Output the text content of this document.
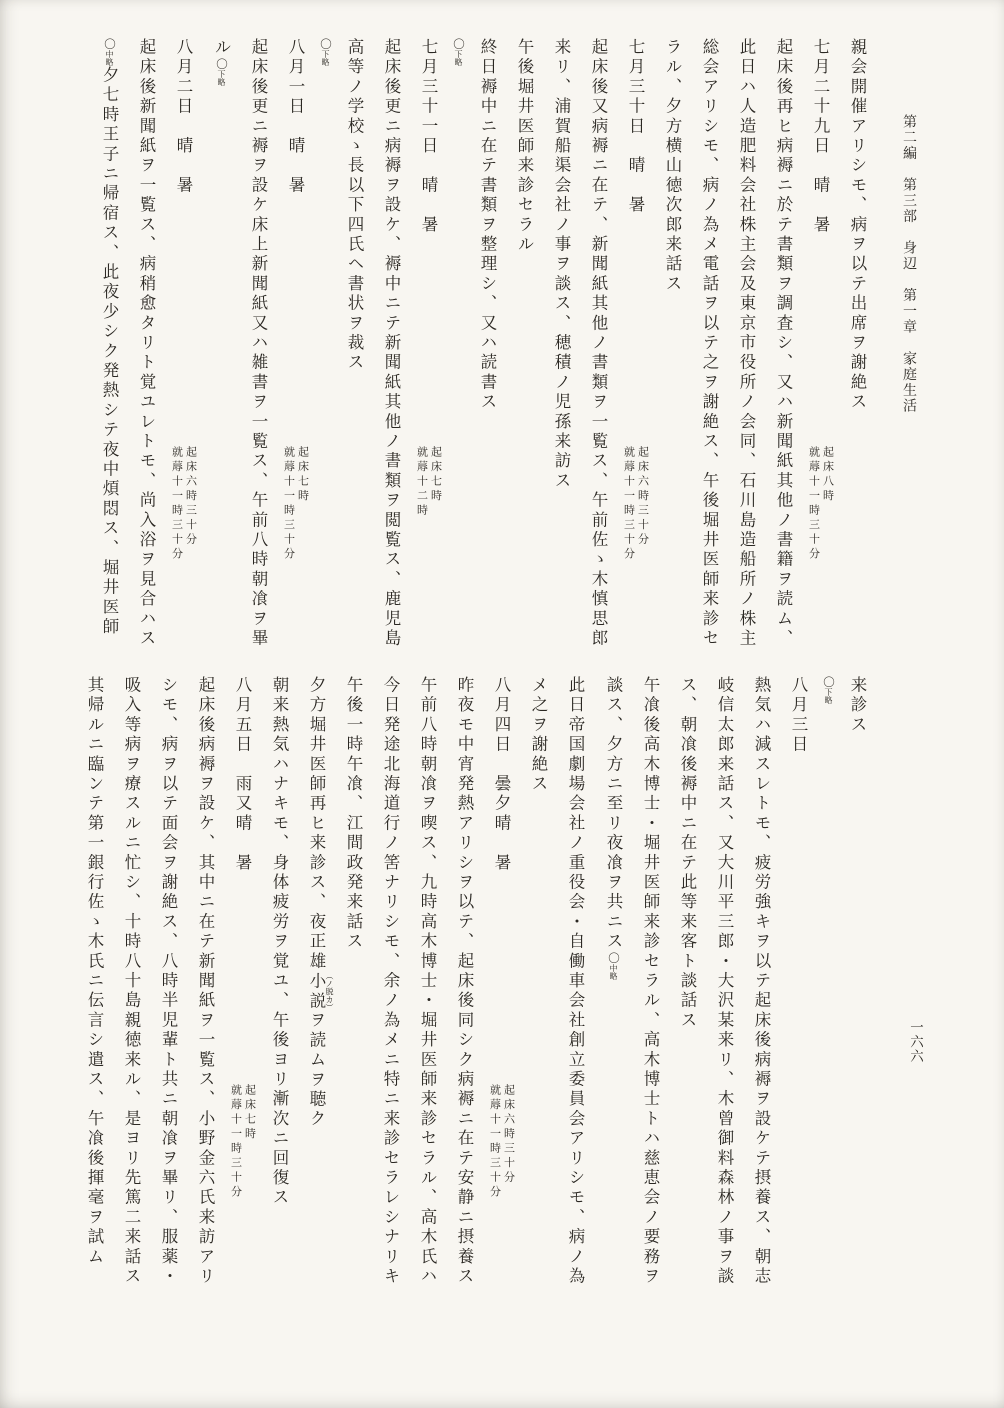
第二編　第三部　身辺　第一章　家庭生活
親会開催アリシモ、病ヲ以テ出席ヲ謝絶ス
七月二十九日　晴　暑
起床八時
就蓐十一時三十分
起床後再ヒ病褥ニ於テ書類ヲ調査シ、又ハ新聞紙其他ノ書籍ヲ読ム、
此日ハ人造肥料会社株主会及東京市役所ノ会同、石川島造船所ノ株主
総会アリシモ、病ノ為メ電話ヲ以テ之ヲ謝絶ス、午後堀井医師来診セ
ラル、夕方横山徳次郎来話ス
七月三十日　晴　暑
起床六時三十分
就蓐十一時三十分
起床後又病褥ニ在テ、新聞紙其他ノ書類ヲ一覧ス、午前佐ゝ木慎思郎
来リ、浦賀船渠会社ノ事ヲ談ス、穂積ノ児孫来訪ス
午後堀井医師来診セラル
終日褥中ニ在テ書類ヲ整理シ、又ハ読書ス
〇下略
七月三十一日　晴　暑
起床七時
就蓐十二時
起床後更ニ病褥ヲ設ケ、褥中ニテ新聞紙其他ノ書類ヲ閲覧ス、鹿児島
高等ノ学校ゝ長以下四氏ヘ書状ヲ裁ス
〇下略
八月一日　晴　暑
起床七時
就蓐十一時三十分
起床後更ニ褥ヲ設ケ床上新聞紙又ハ雑書ヲ一覧ス、午前八時朝飡ヲ畢
ル〇下略
八月二日　晴　暑
起床六時三十分
就蓐十一時三十分
起床後新聞紙ヲ一覧ス、病稍愈タリト覚ユレトモ、尚入浴ヲ見合ハス
〇中略夕七時王子ニ帰宿ス、此夜少シク発熱シテ夜中煩悶ス、堀井医師
来診ス
〇下略
八月三日
熱気ハ減スレトモ、疲労強キヲ以テ起床後病褥ヲ設ケテ摂養ス、朝志
岐信太郎来話ス、又大川平三郎・大沢某来リ、木曾御料森林ノ事ヲ談
ス、朝飡後褥中ニ在テ此等来客ト談話ス
午飡後高木博士・堀井医師来診セラル、高木博士トハ慈恵会ノ要務ヲ
談ス、夕方ニ至リ夜飡ヲ共ニス〇中略
此日帝国劇場会社ノ重役会・自働車会社創立委員会アリシモ、病ノ為
メ之ヲ謝絶ス
八月四日　曇夕晴　暑
起床六時三十分
就蓐十一時三十分
昨夜モ中宵発熱アリシヲ以テ、起床後同シク病褥ニ在テ安静ニ摂養ス
午前八時朝飡ヲ喫ス、九時高木博士・堀井医師来診セラル、高木氏ハ
今日発途北海道行ノ筈ナリシモ、余ノ為メニ特ニ来診セラレシナリキ
午後一時午飡、江間政発来話ス
夕方堀井医師再ヒ来診ス、夜正雄小説 （ノ脱カ）ヲ読ムヲ聴ク
朝来熱気ハナキモ、身体疲労ヲ覚ユ、午後ヨリ漸次ニ回復ス
八月五日　雨又晴　暑
起床七時
就蓐十一時三十分
起床後病褥ヲ設ケ、其中ニ在テ新聞紙ヲ一覧ス、小野金六氏来訪アリ
シモ、病ヲ以テ面会ヲ謝絶ス、八時半児輩ト共ニ朝飡ヲ畢リ、服薬・
吸入等病ヲ療スルニ忙シ、十時八十島親徳来ル、是ヨリ先篤二来話ス
其帰ルニ臨ンテ第一銀行佐ゝ木氏ニ伝言シ遣ス、午飡後揮毫ヲ試ム	一六六
